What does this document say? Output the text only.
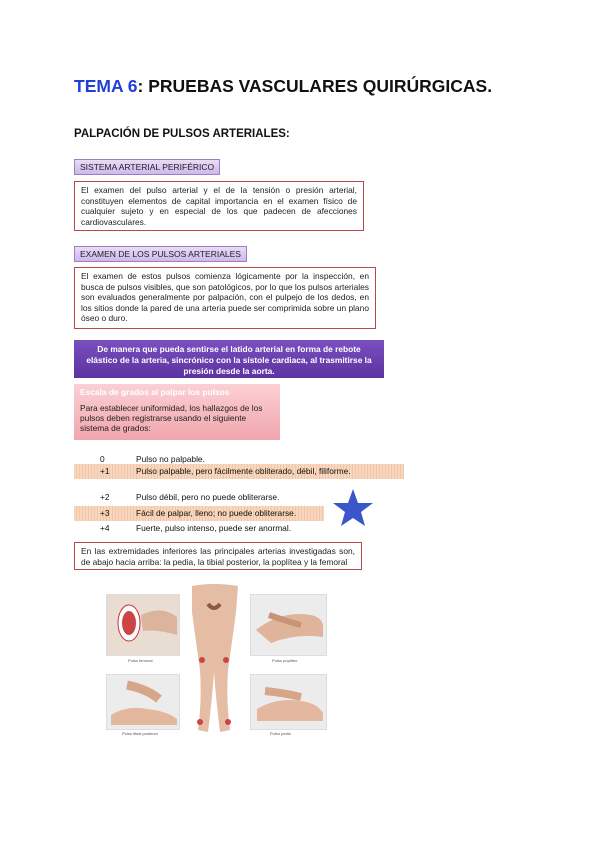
TEMA 6: PRUEBAS VASCULARES QUIRÚRGICAS.
PALPACIÓN DE PULSOS ARTERIALES:
SISTEMA ARTERIAL PERIFÉRICO
El examen del pulso arterial y el de la tensión o presión arterial, constituyen elementos de capital importancia en el examen físico de cualquier sujeto y en especial de los que padecen de afecciones cardiovasculares.
EXAMEN DE LOS PULSOS ARTERIALES
El examen de estos pulsos comienza lógicamente por la inspección, en busca de pulsos visibles, que son patológicos, por lo que los pulsos arteriales son evaluados generalmente por palpación, con el pulpejo de los dedos, en los sitios donde la pared de una arteria puede ser comprimida sobre un plano óseo o duro.
De manera que pueda sentirse el latido arterial en forma de rebote elástico de la arteria, sincrónico con la sístole cardiaca, al trasmitirse la presión desde la aorta.
Escala de grados al palpar los pulsos
Para establecer uniformidad, los hallazgos de los pulsos deben registrarse usando el siguiente sistema de grados:
0	Pulso no palpable.
+1	Pulso palpable, pero fácilmente obliterado, débil, filiforme.
+2	Pulso débil, pero no puede obliterarse.
+3	Fácil de palpar, lleno; no puede obliterarse.
+4	Fuerte, pulso intenso, puede ser anormal.
En las extremidades inferiores las principales arterias investigadas son, de abajo hacia arriba: la pedia, la tibial posterior, la poplítea y la femoral
Pulso femoral	Pulso poplíteo
Pulso tibial posterior	Pulso pedio
